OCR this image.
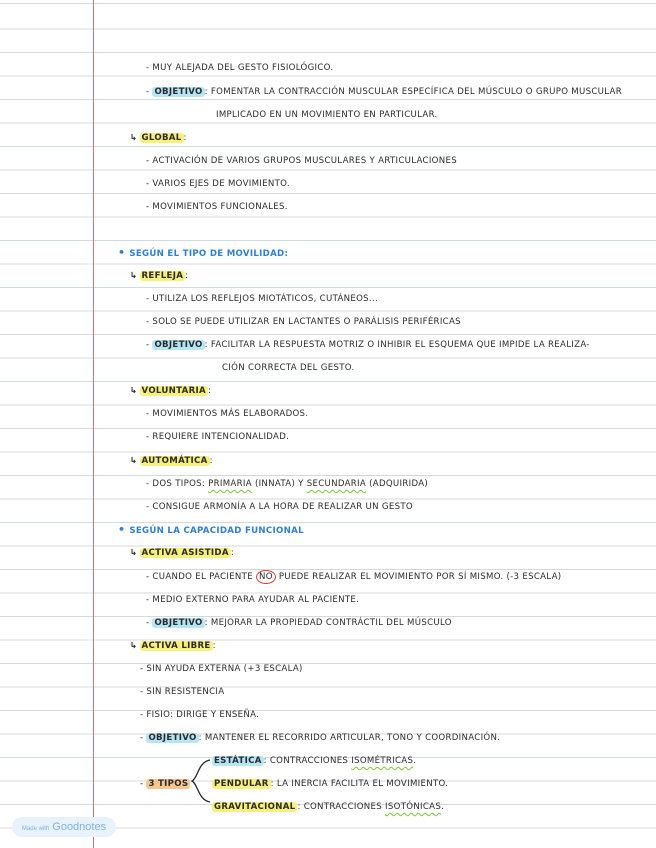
- MUY ALEJADA DEL GESTO FISIOLÓGICO.
- OBJETIVO : FOMENTAR LA CONTRACCIÓN MUSCULAR ESPECÍFICA DEL MÚSCULO O GRUPO MUSCULAR
IMPLICADO EN UN MOVIMIENTO EN PARTICULAR.
↳ GLOBAL :
- ACTIVACIÓN DE VARIOS GRUPOS MUSCULARES Y ARTICULACIONES
- VARIOS EJES DE MOVIMIENTO.
- MOVIMIENTOS FUNCIONALES.
• SEGÚN EL TIPO DE MOVILIDAD:
↳ REFLEJA :
- UTILIZA LOS REFLEJOS MIOTÁTICOS, CUTÁNEOS...
- SOLO SE PUEDE UTILIZAR EN LACTANTES O PARÁLISIS PERIFÉRICAS
- OBJETIVO : FACILITAR LA RESPUESTA MOTRIZ O INHIBIR EL ESQUEMA QUE IMPIDE LA REALIZA-
CIÓN CORRECTA DEL GESTO.
↳ VOLUNTARIA :
- MOVIMIENTOS MÁS ELABORADOS.
- REQUIERE INTENCIONALIDAD.
↳ AUTOMÁTICA :
- DOS TIPOS: PRIMARIA (INNATA) Y SECUNDARIA (ADQUIRIDA)
- CONSIGUE ARMONÍA A LA HORA DE REALIZAR UN GESTO
• SEGÚN LA CAPACIDAD FUNCIONAL
↳ ACTIVA ASISTIDA :
- CUANDO EL PACIENTE NO PUEDE REALIZAR EL MOVIMIENTO POR SÍ MISMO. (-3 ESCALA)
- MEDIO EXTERNO PARA AYUDAR AL PACIENTE.
- OBJETIVO : MEJORAR LA PROPIEDAD CONTRÁCTIL DEL MÚSCULO
↳ ACTIVA LIBRE :
- SIN AYUDA EXTERNA (+3 ESCALA)
- SIN RESISTENCIA
- FISIO: DIRIGE Y ENSEÑA.
- OBJETIVO : MANTENER EL RECORRIDO ARTICULAR, TONO Y COORDINACIÓN.
- 3 TIPOS
ESTÁTICA : CONTRACCIONES ISOMÉTRICAS.
PENDULAR : LA INERCIA FACILITA EL MOVIMIENTO.
GRAVITACIONAL : CONTRACCIONES ISOTÓNICAS.
Made with Goodnotes
